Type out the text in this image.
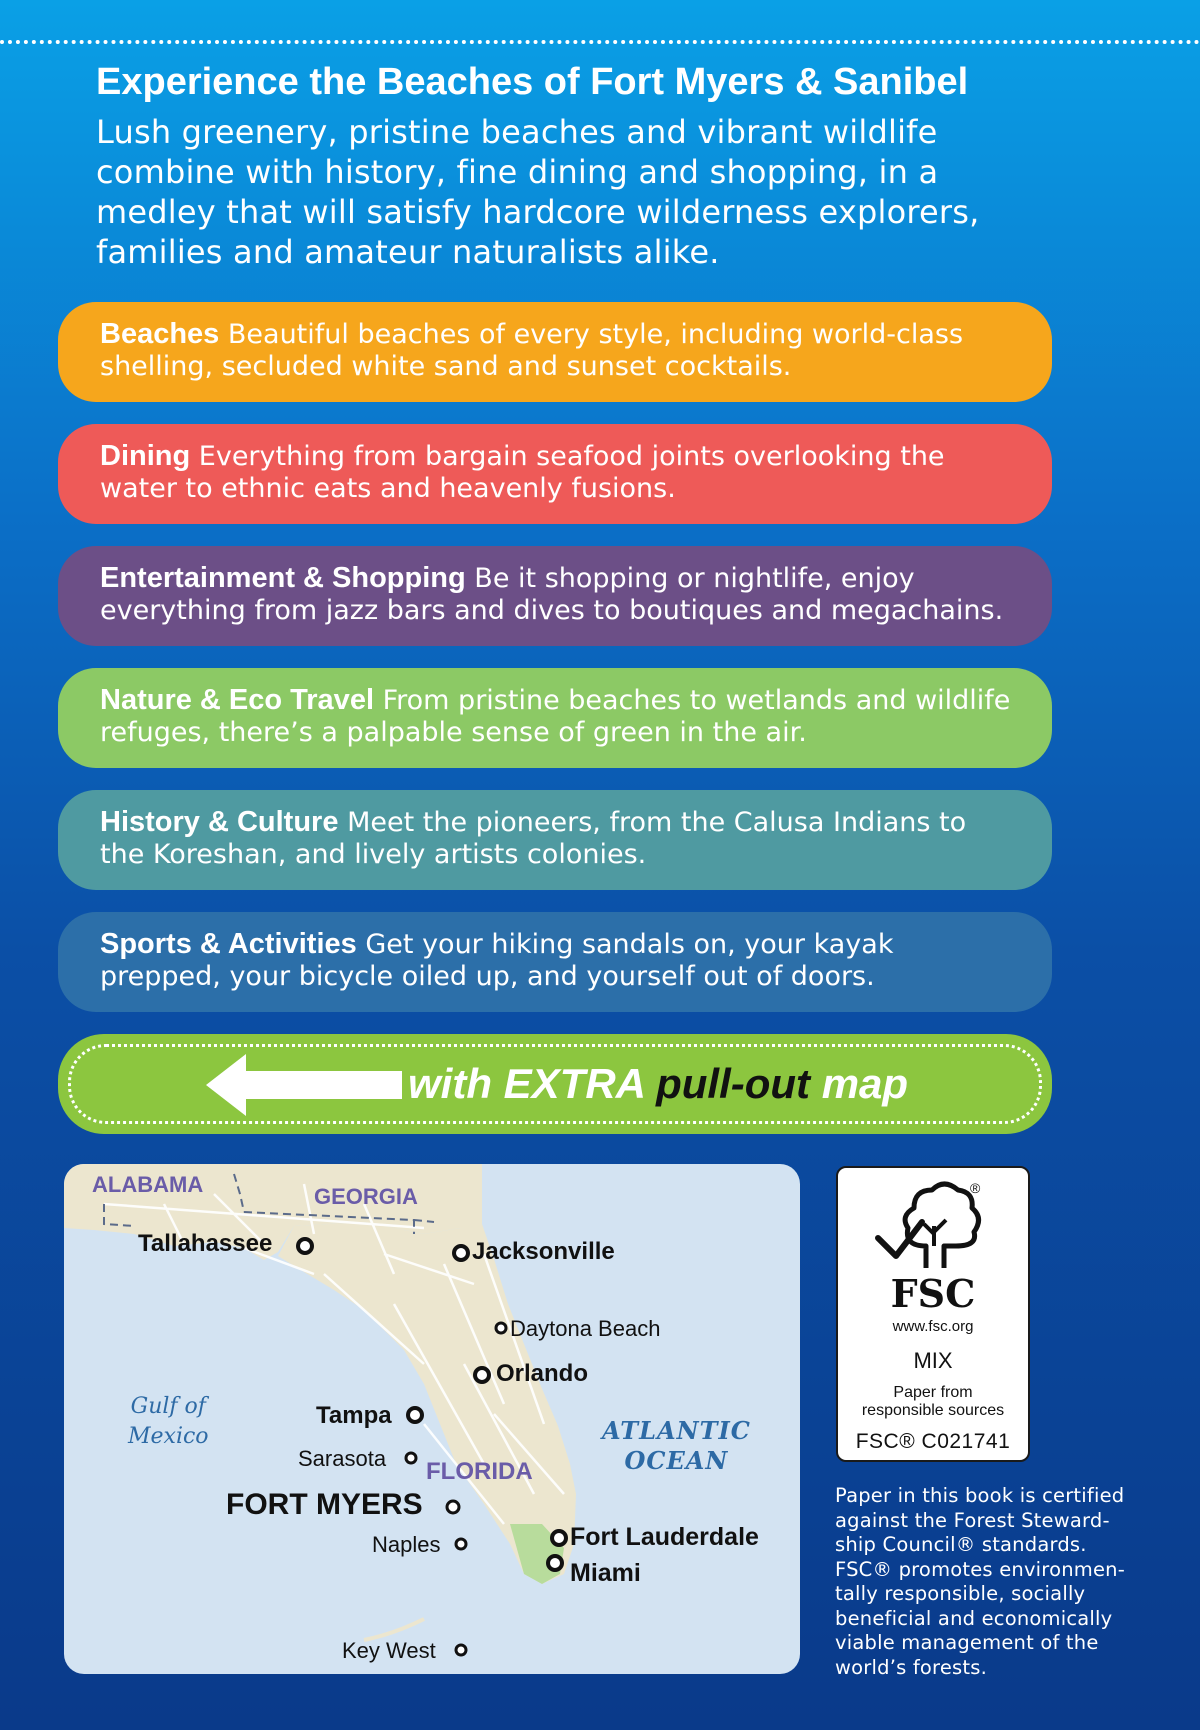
Experience the Beaches of Fort Myers & Sanibel
Lush greenery, pristine beaches and vibrant wildlife
combine with history, fine dining and shopping, in a
medley that will satisfy hardcore wilderness explorers,
families and amateur naturalists alike.
Beaches Beautiful beaches of every style, including world-class
shelling, secluded white sand and sunset cocktails.
Dining Everything from bargain seafood joints overlooking the
water to ethnic eats and heavenly fusions.
Entertainment & Shopping Be it shopping or nightlife, enjoy
everything from jazz bars and dives to boutiques and megachains.
Nature & Eco Travel From pristine beaches to wetlands and wildlife
refuges, there’s a palpable sense of green in the air.
History & Culture Meet the pioneers, from the Calusa Indians to
the Koreshan, and lively artists colonies.
Sports & Activities Get your hiking sandals on, your kayak
prepped, your bicycle oiled up, and yourself out of doors.
with EXTRA pull-out map
ALABAMA	GEORGIA
FLORIDA
Gulf of
Mexico	ATLANTIC
OCEAN
Tallahassee	Jacksonville
Daytona Beach
Orlando
Tampa
Sarasota
FORT MYERS
Naples	Fort Lauderdale
Miami
Key West
®
FSC
www.fsc.org
MIX
Paper from
responsible sources
FSC® C021741
Paper in this book is certified
against the Forest Steward-
ship Council® standards.
FSC® promotes environmen-
tally responsible, socially
beneficial and economically
viable management of the
world’s forests.
